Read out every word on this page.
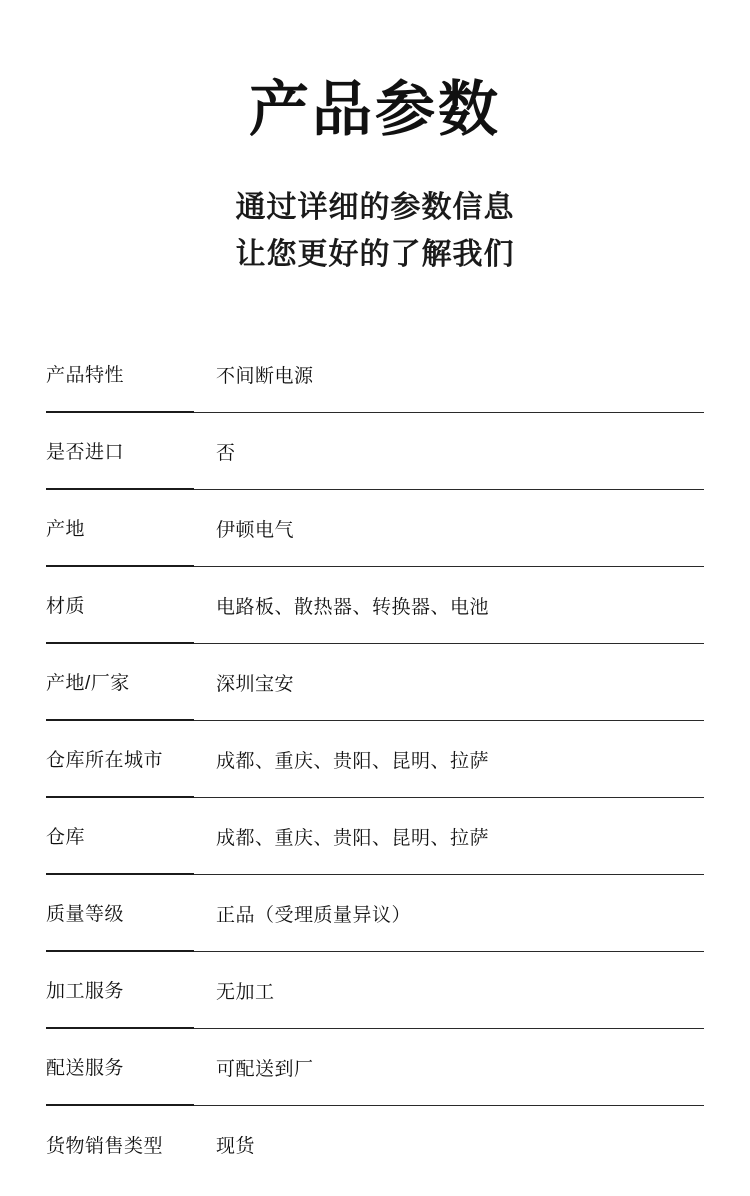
产品参数
通过详细的参数信息
让您更好的了解我们
产品特性	不间断电源
是否进口	否
产地	伊顿电气
材质	电路板、散热器、转换器、电池
产地/厂家	深圳宝安
仓库所在城市	成都、重庆、贵阳、昆明、拉萨
仓库	成都、重庆、贵阳、昆明、拉萨
质量等级	正品（受理质量异议）
加工服务	无加工
配送服务	可配送到厂
货物销售类型	现货
